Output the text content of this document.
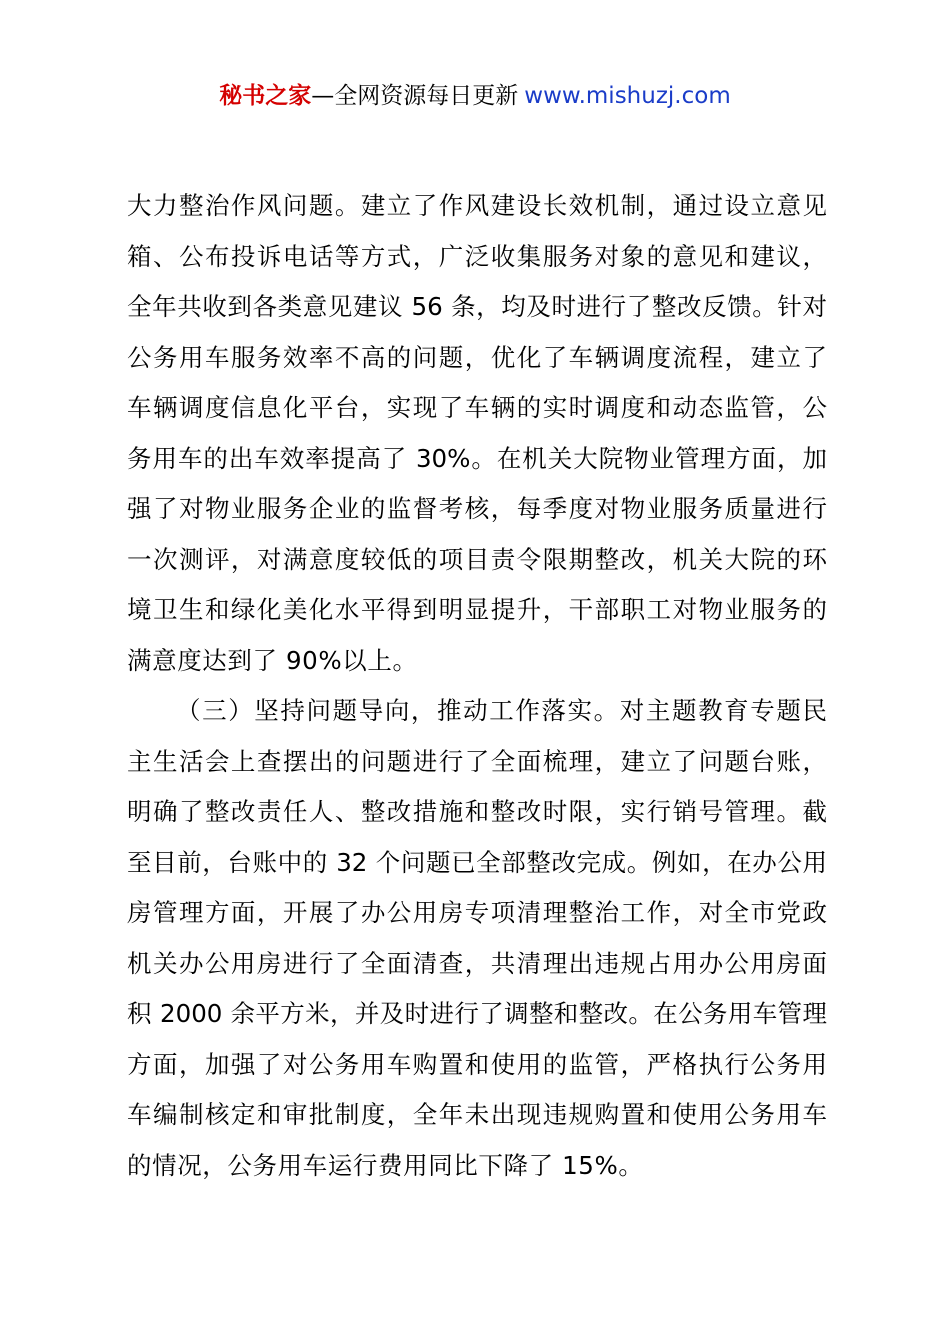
秘书之家—全网资源每日更新 www.mishuzj.com
大力整治作风问题。建立了作风建设长效机制，通过设立意见
箱、公布投诉电话等方式，广泛收集服务对象的意见和建议，
全年共收到各类意见建议 56 条，均及时进行了整改反馈。针对
公务用车服务效率不高的问题，优化了车辆调度流程，建立了
车辆调度信息化平台，实现了车辆的实时调度和动态监管，公
务用车的出车效率提高了 30%。在机关大院物业管理方面，加
强了对物业服务企业的监督考核，每季度对物业服务质量进行
一次测评，对满意度较低的项目责令限期整改，机关大院的环
境卫生和绿化美化水平得到明显提升，干部职工对物业服务的
满意度达到了 90%以上。
（三）坚持问题导向，推动工作落实。对主题教育专题民
主生活会上查摆出的问题进行了全面梳理，建立了问题台账，
明确了整改责任人、整改措施和整改时限，实行销号管理。截
至目前，台账中的 32 个问题已全部整改完成。例如，在办公用
房管理方面，开展了办公用房专项清理整治工作，对全市党政
机关办公用房进行了全面清查，共清理出违规占用办公用房面
积 2000 余平方米，并及时进行了调整和整改。在公务用车管理
方面，加强了对公务用车购置和使用的监管，严格执行公务用
车编制核定和审批制度，全年未出现违规购置和使用公务用车
的情况，公务用车运行费用同比下降了 15%。
